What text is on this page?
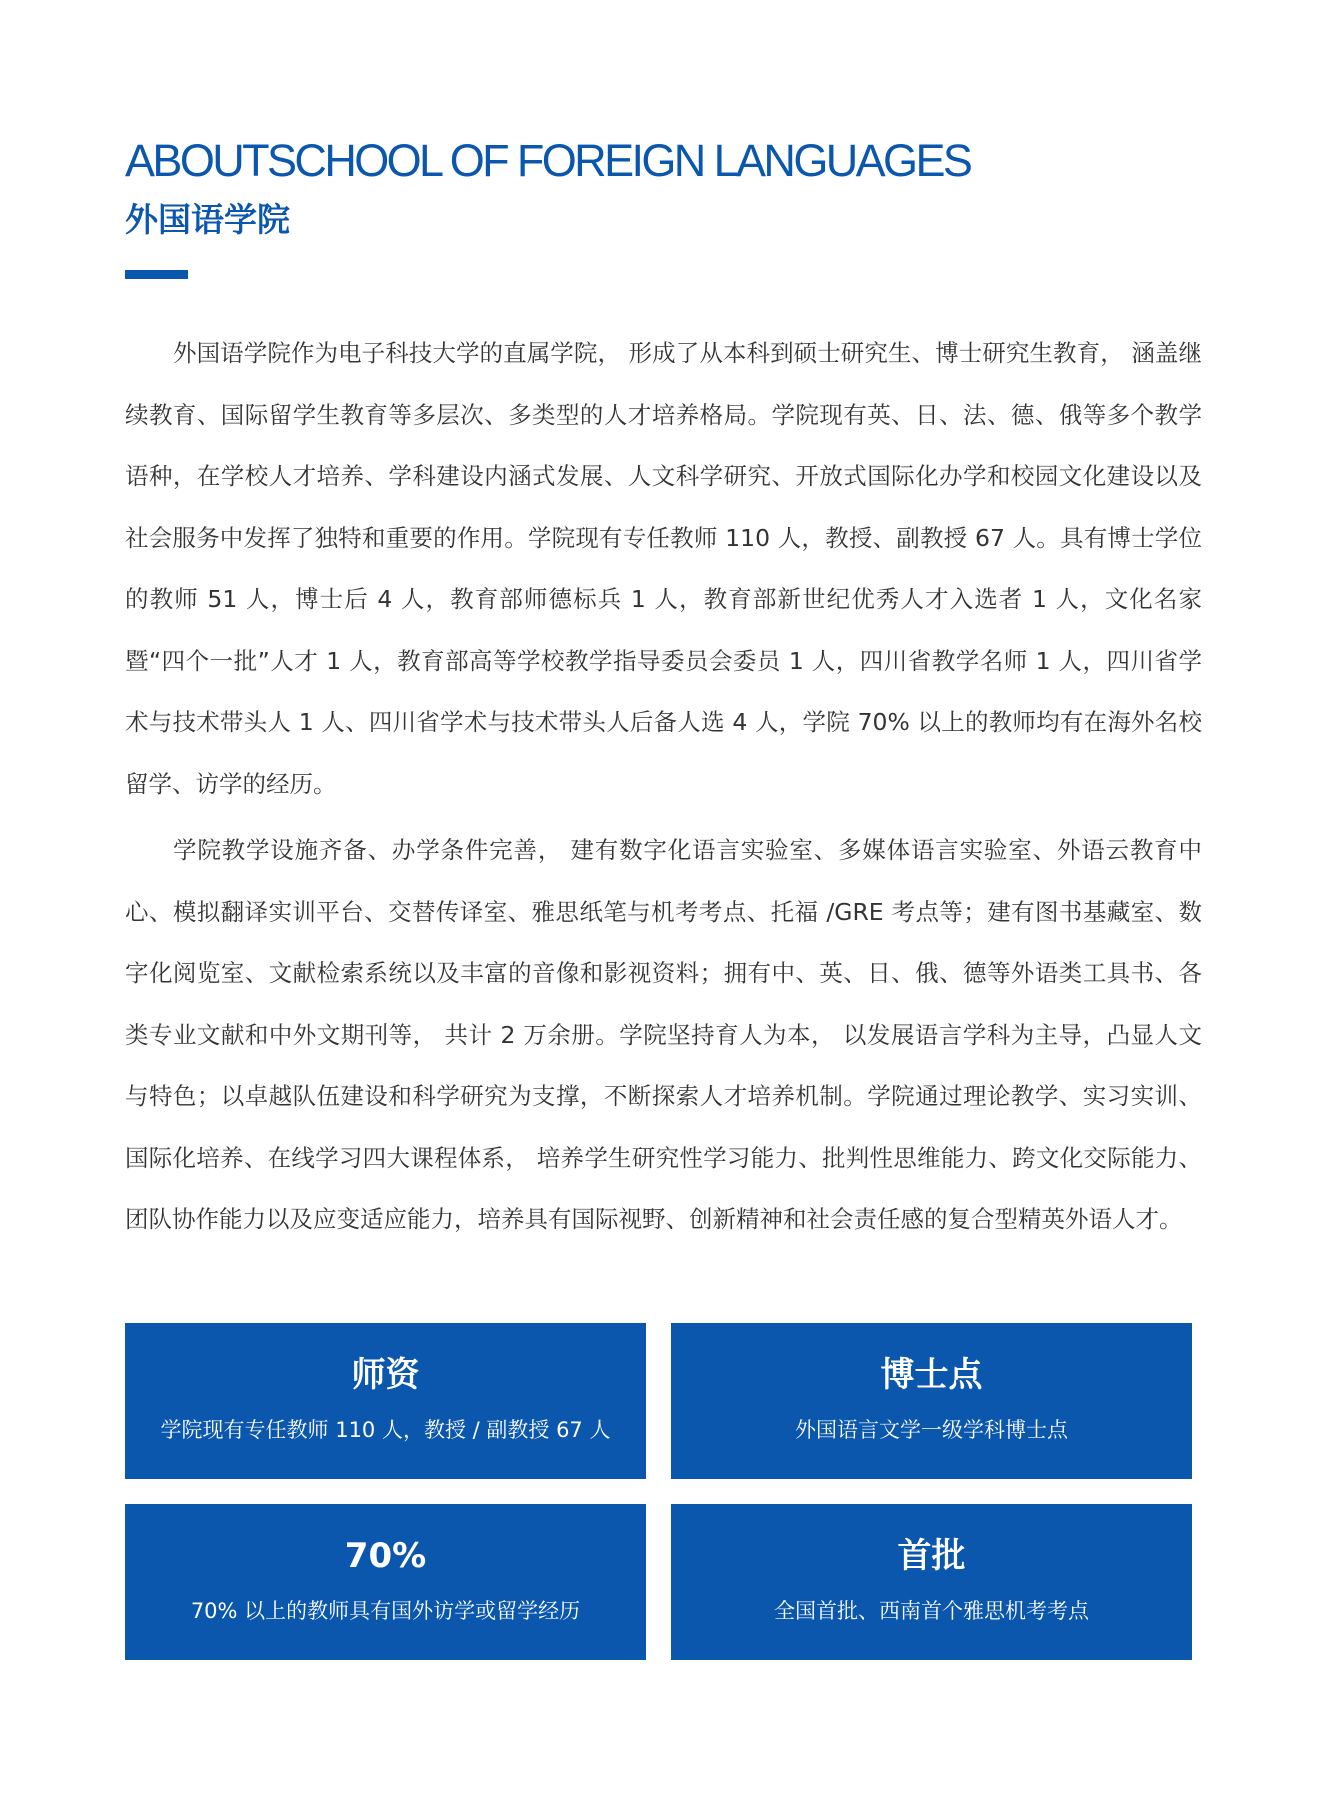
ABOUTSCHOOL OF FOREIGN LANGUAGES
外国语学院

外国语学院作为电子科技大学的直属学院， 形成了从本科到硕士研究生、博士研究生教育， 涵盖继续教育、国际留学生教育等多层次、多类型的人才培养格局。学院现有英、日、法、德、俄等多个教学语种，在学校人才培养、学科建设内涵式发展、人文科学研究、开放式国际化办学和校园文化建设以及社会服务中发挥了独特和重要的作用。学院现有专任教师 110 人，教授、副教授 67 人。具有博士学位的教师 51 人，博士后 4 人，教育部师德标兵 1 人，教育部新世纪优秀人才入选者 1 人，文化名家暨“四个一批”人才 1 人，教育部高等学校教学指导委员会委员 1 人，四川省教学名师 1 人，四川省学术与技术带头人 1 人、四川省学术与技术带头人后备人选 4 人，学院 70% 以上的教师均有在海外名校留学、访学的经历。

学院教学设施齐备、办学条件完善， 建有数字化语言实验室、多媒体语言实验室、外语云教育中心、模拟翻译实训平台、交替传译室、雅思纸笔与机考考点、托福 /GRE 考点等；建有图书基藏室、数字化阅览室、文献检索系统以及丰富的音像和影视资料；拥有中、英、日、俄、德等外语类工具书、各类专业文献和中外文期刊等， 共计 2 万余册。学院坚持育人为本， 以发展语言学科为主导，凸显人文与特色；以卓越队伍建设和科学研究为支撑，不断探索人才培养机制。学院通过理论教学、实习实训、国际化培养、在线学习四大课程体系， 培养学生研究性学习能力、批判性思维能力、跨文化交际能力、团队协作能力以及应变适应能力，培养具有国际视野、创新精神和社会责任感的复合型精英外语人才。

师资
学院现有专任教师 110 人，教授 / 副教授 67 人
博士点
外国语言文学一级学科博士点
70%
70% 以上的教师具有国外访学或留学经历
首批
全国首批、西南首个雅思机考考点
